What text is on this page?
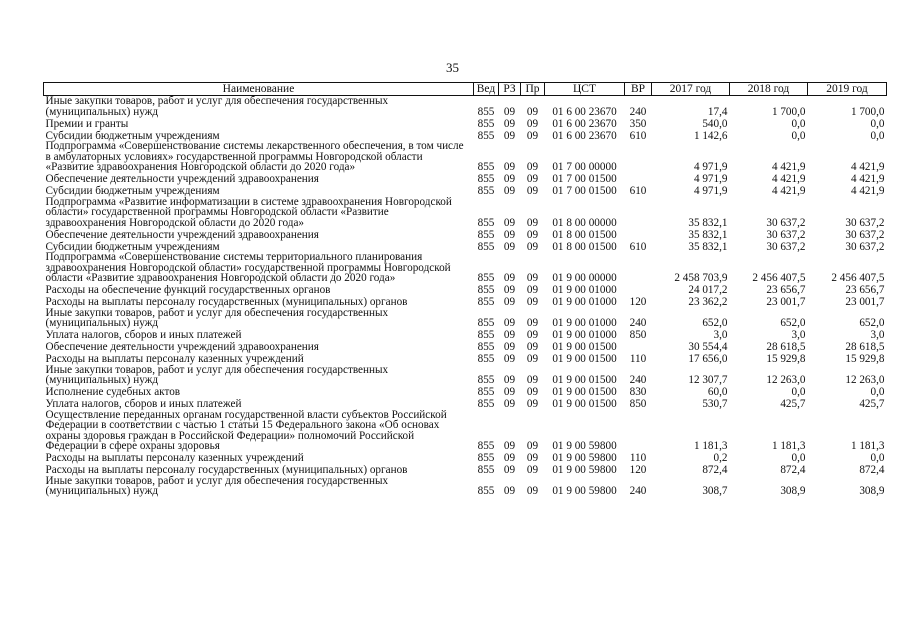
35
Наименование	Вед	РЗ	Пр	ЦСТ	ВР	2017 год	2018 год	2019 год
Иные закупки товаров, работ и услуг для обеспечения государственных (муниципальных) нужд	855	09	09	01 6 00 23670	240	17,4	1 700,0	1 700,0
Премии и гранты	855	09	09	01 6 00 23670	350	540,0	0,0	0,0
Субсидии бюджетным учреждениям	855	09	09	01 6 00 23670	610	1 142,6	0,0	0,0
Подпрограмма «Совершенствование системы лекарственного обеспечения, в том числе в амбулаторных условиях» государственной программы Новгородской области «Развитие здравоохранения Новгородской области до 2020 года»	855	09	09	01 7 00 00000		4 971,9	4 421,9	4 421,9
Обеспечение деятельности учреждений здравоохранения	855	09	09	01 7 00 01500		4 971,9	4 421,9	4 421,9
Субсидии бюджетным учреждениям	855	09	09	01 7 00 01500	610	4 971,9	4 421,9	4 421,9
Подпрограмма «Развитие информатизации в системе здравоохранения Новгородской области» государственной программы Новгородской области «Развитие здравоохранения Новгородской области до 2020 года»	855	09	09	01 8 00 00000		35 832,1	30 637,2	30 637,2
Обеспечение деятельности учреждений здравоохранения	855	09	09	01 8 00 01500		35 832,1	30 637,2	30 637,2
Субсидии бюджетным учреждениям	855	09	09	01 8 00 01500	610	35 832,1	30 637,2	30 637,2
Подпрограмма «Совершенствование системы территориального планирования здравоохранения Новгородской области» государственной программы Новгородской области «Развитие здравоохранения Новгородской области до 2020 года»	855	09	09	01 9 00 00000		2 458 703,9	2 456 407,5	2 456 407,5
Расходы на обеспечение функций государственных органов	855	09	09	01 9 00 01000		24 017,2	23 656,7	23 656,7
Расходы на выплаты персоналу государственных (муниципальных) органов	855	09	09	01 9 00 01000	120	23 362,2	23 001,7	23 001,7
Иные закупки товаров, работ и услуг для обеспечения государственных (муниципальных) нужд	855	09	09	01 9 00 01000	240	652,0	652,0	652,0
Уплата налогов, сборов и иных платежей	855	09	09	01 9 00 01000	850	3,0	3,0	3,0
Обеспечение деятельности учреждений здравоохранения	855	09	09	01 9 00 01500		30 554,4	28 618,5	28 618,5
Расходы на выплаты персоналу казенных учреждений	855	09	09	01 9 00 01500	110	17 656,0	15 929,8	15 929,8
Иные закупки товаров, работ и услуг для обеспечения государственных (муниципальных) нужд	855	09	09	01 9 00 01500	240	12 307,7	12 263,0	12 263,0
Исполнение судебных актов	855	09	09	01 9 00 01500	830	60,0	0,0	0,0
Уплата налогов, сборов и иных платежей	855	09	09	01 9 00 01500	850	530,7	425,7	425,7
Осуществление переданных органам государственной власти субъектов Российской Федерации в соответствии с частью 1 статьи 15 Федерального закона «Об основах охраны здоровья граждан в Российской Федерации» полномочий Российской Федерации в сфере охраны здоровья	855	09	09	01 9 00 59800		1 181,3	1 181,3	1 181,3
Расходы на выплаты персоналу казенных учреждений	855	09	09	01 9 00 59800	110	0,2	0,0	0,0
Расходы на выплаты персоналу государственных (муниципальных) органов	855	09	09	01 9 00 59800	120	872,4	872,4	872,4
Иные закупки товаров, работ и услуг для обеспечения государственных (муниципальных) нужд	855	09	09	01 9 00 59800	240	308,7	308,9	308,9
